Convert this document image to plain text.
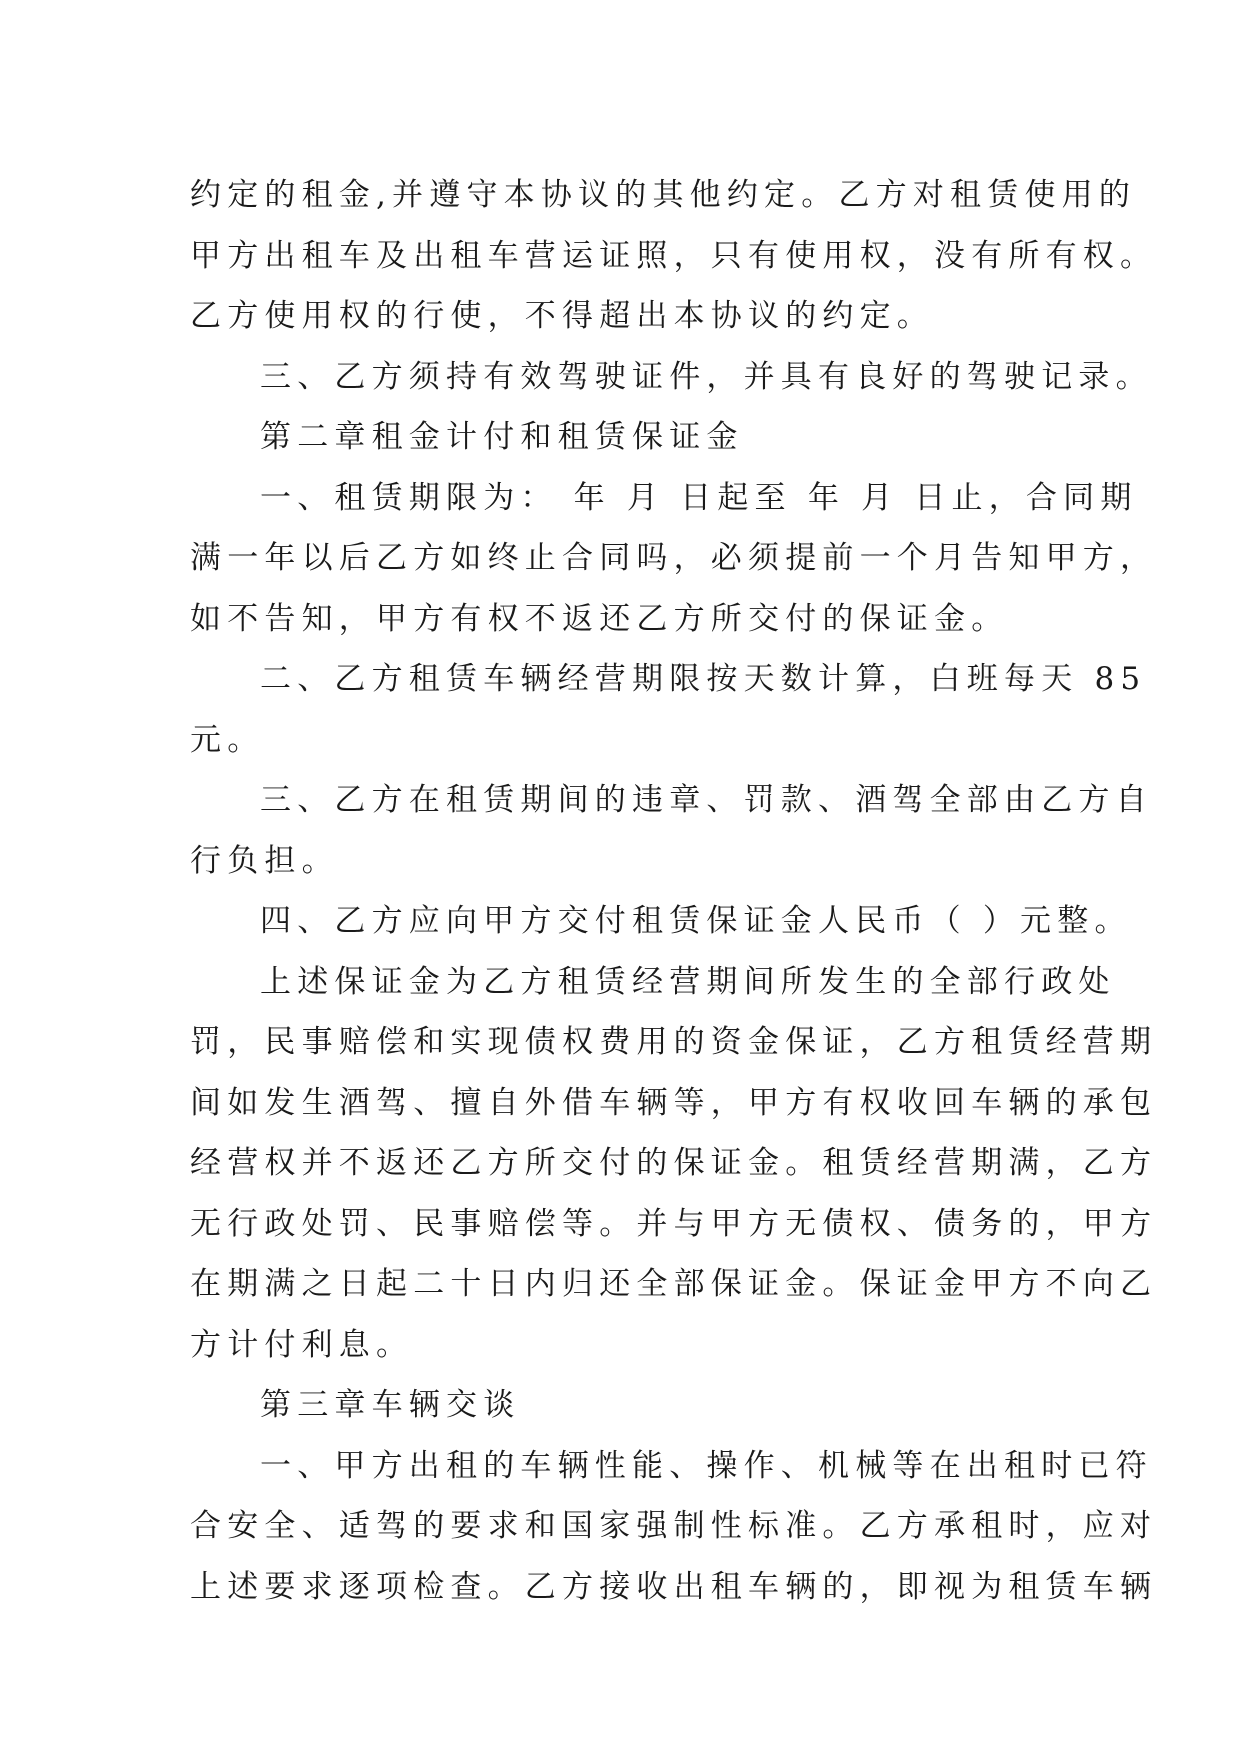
约定的租金,并遵守本协议的其他约定。乙方对租赁使用的
甲方出租车及出租车营运证照，只有使用权，没有所有权。
乙方使用权的行使，不得超出本协议的约定。
三、乙方须持有效驾驶证件，并具有良好的驾驶记录。
第二章租金计付和租赁保证金
一、租赁期限为： 年 月 日起至 年 月 日止，合同期
满一年以后乙方如终止合同吗，必须提前一个月告知甲方，
如不告知，甲方有权不返还乙方所交付的保证金。
二、乙方租赁车辆经营期限按天数计算，白班每天 85
元。
三、乙方在租赁期间的违章、罚款、酒驾全部由乙方自
行负担。
四、乙方应向甲方交付租赁保证金人民币（ ）元整。
上述保证金为乙方租赁经营期间所发生的全部行政处
罚，民事赔偿和实现债权费用的资金保证，乙方租赁经营期
间如发生酒驾、擅自外借车辆等，甲方有权收回车辆的承包
经营权并不返还乙方所交付的保证金。租赁经营期满，乙方
无行政处罚、民事赔偿等。并与甲方无债权、债务的，甲方
在期满之日起二十日内归还全部保证金。保证金甲方不向乙
方计付利息。
第三章车辆交谈
一、甲方出租的车辆性能、操作、机械等在出租时已符
合安全、适驾的要求和国家强制性标准。乙方承租时，应对
上述要求逐项检查。乙方接收出租车辆的，即视为租赁车辆
